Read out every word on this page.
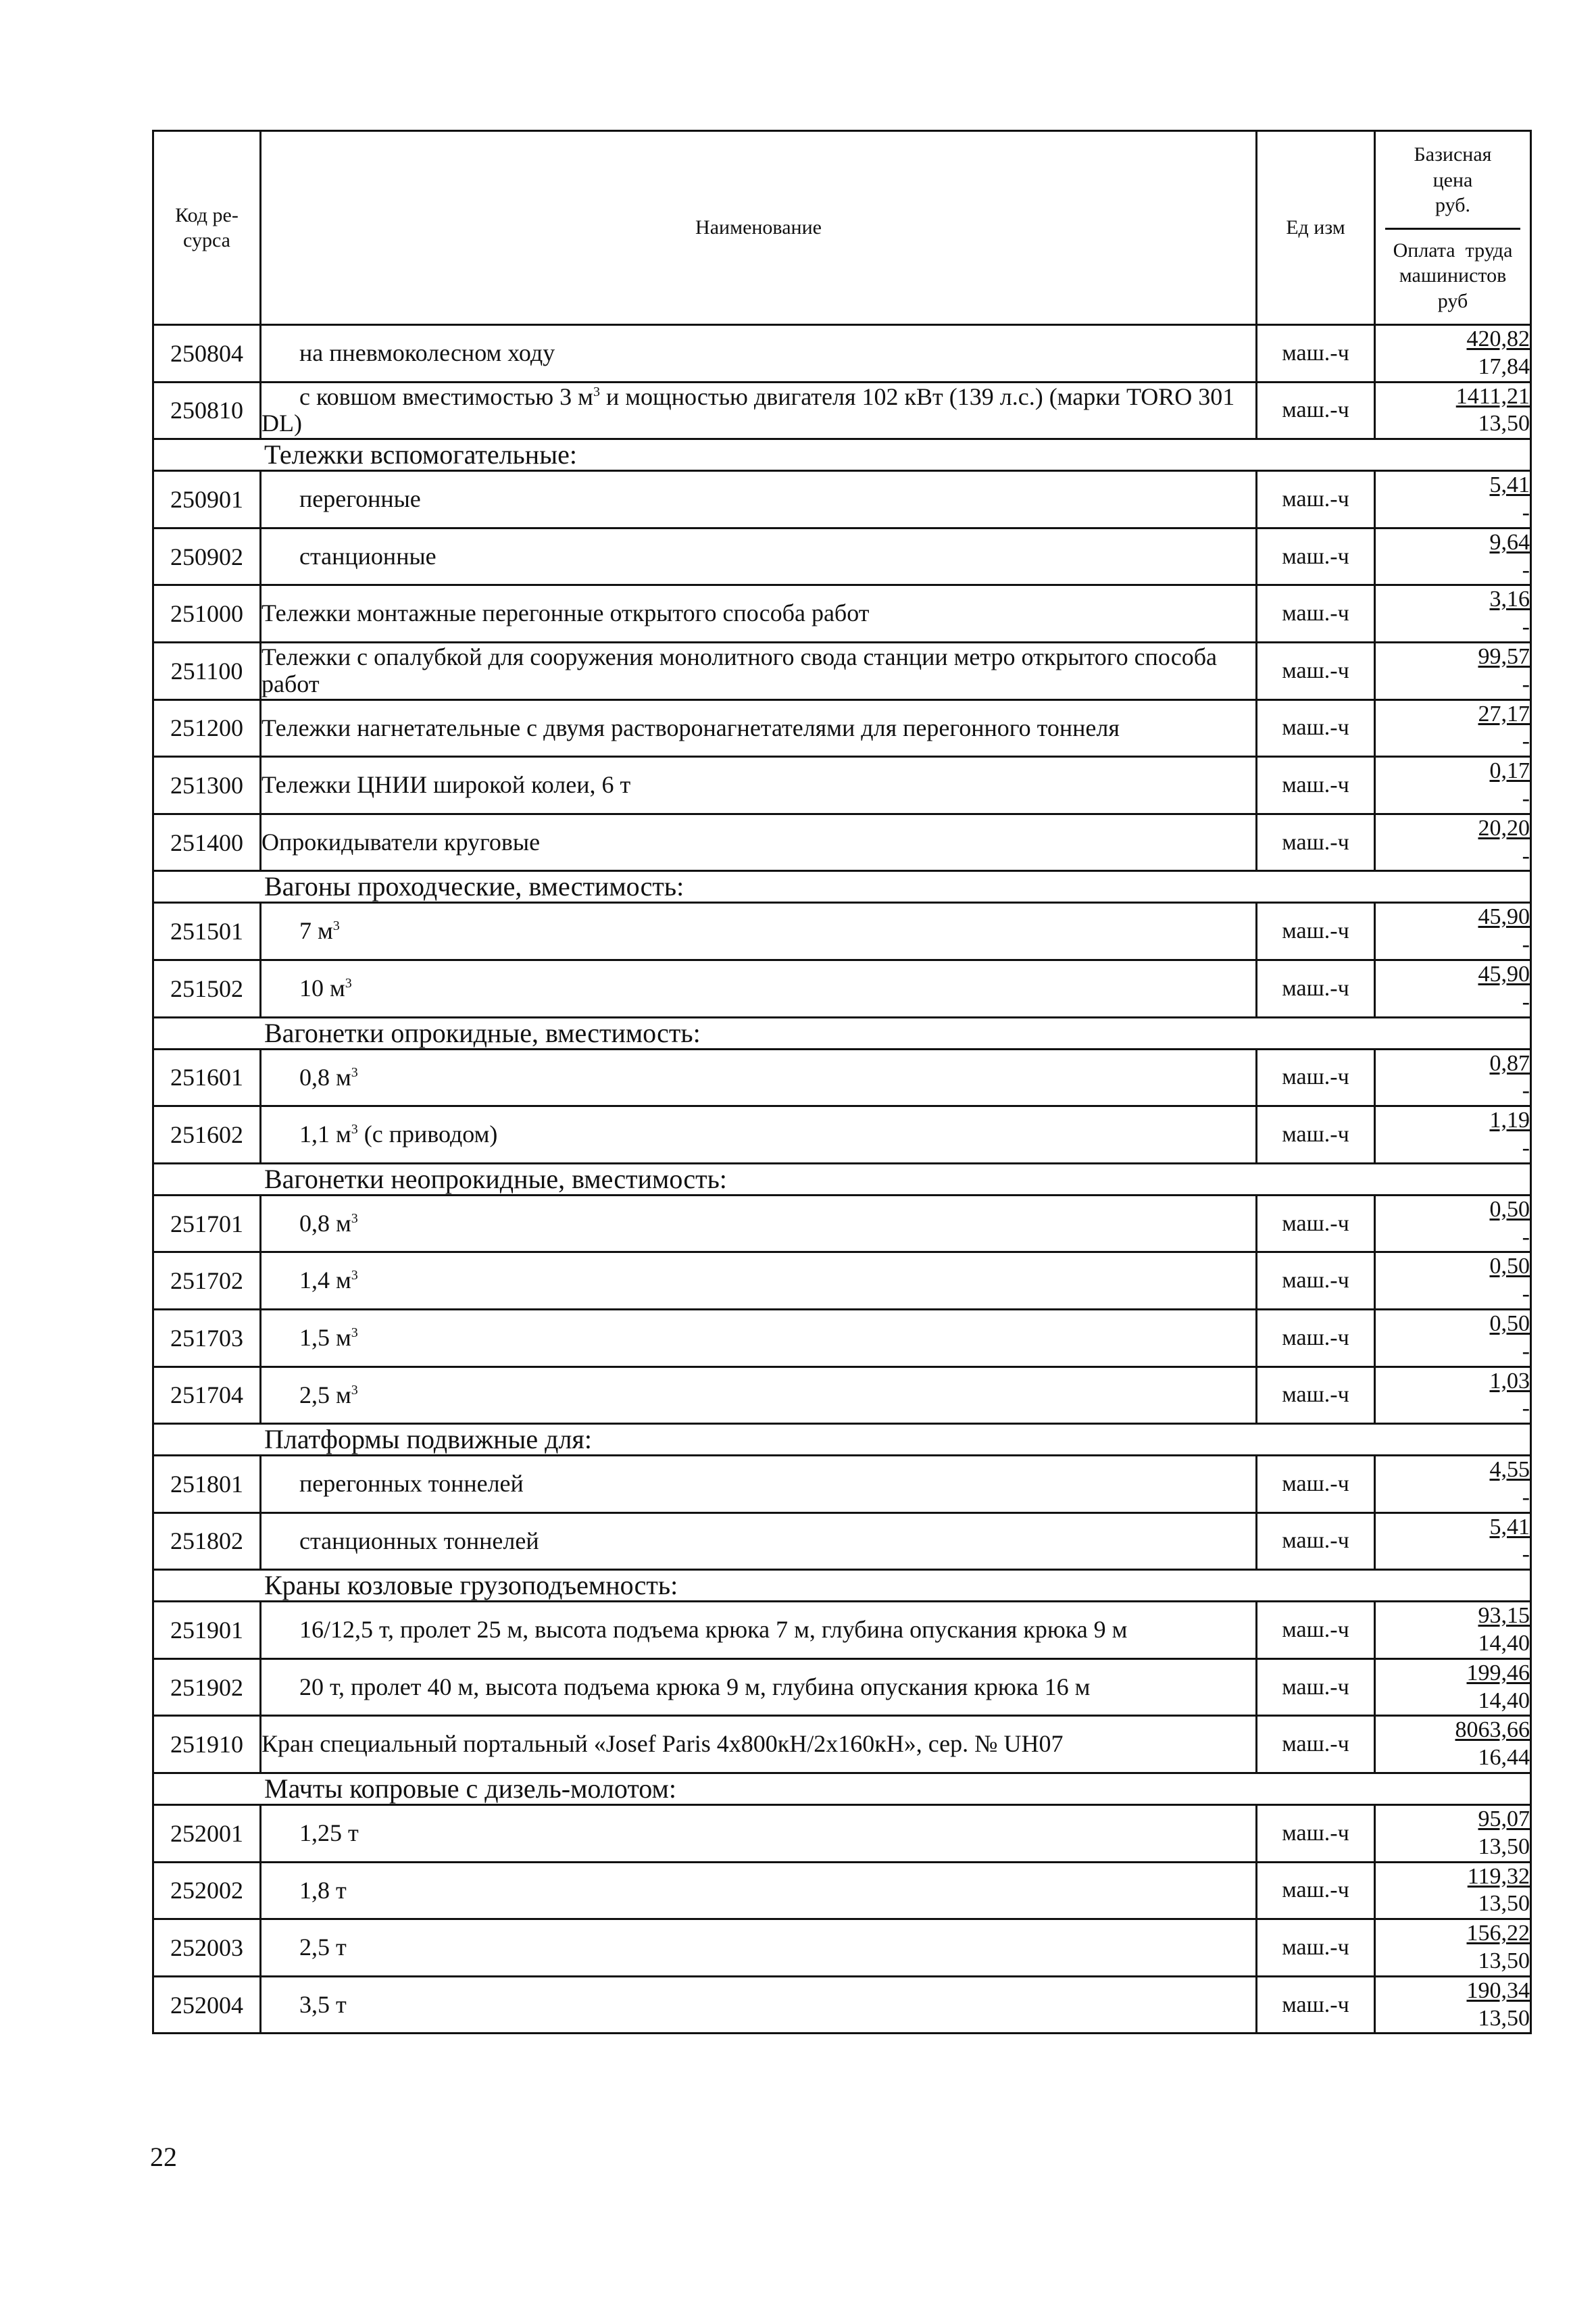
Код ре-
сурса
	Наименование	Ед изм	
Базисная
цена
руб.
Оплата  труда
машинистов
руб

250804	на пневмоколесном ходу	маш.-ч	420,82
17,84

250810	с ковшом вместимостью 3 $м^3$ и мощностью двигателя 102 кВт (139 л.с.) (марки TORO 301 DL)	маш.-ч	1411,21
13,50

Тележки вспомогательные:			
250901	перегонные	маш.-ч	5,41
-

250902	станционные	маш.-ч	9,64
-

251000	Тележки монтажные перегонные открытого способа работ	маш.-ч	3,16
-

251100	Тележки с опалубкой для сооружения монолитного свода станции метро открытого способа работ	маш.-ч	99,57
-

251200	Тележки нагнетательные с двумя растворонагнетателями для перегонного тоннеля	маш.-ч	27,17
-

251300	Тележки ЦНИИ широкой колеи, 6 т	маш.-ч	0,17
-

251400	Опрокидыватели круговые	маш.-ч	20,20
-

Вагоны проходческие, вместимость:			
251501	7 $м^3$	маш.-ч	45,90
-

251502	10 $м^3$	маш.-ч	45,90
-

Вагонетки опрокидные, вместимость:			
251601	0,8 $м^3$	маш.-ч	0,87
-

251602	1,1 $м^3$ (с приводом)	маш.-ч	1,19
-

Вагонетки неопрокидные, вместимость:			
251701	0,8 $м^3$	маш.-ч	0,50
-

251702	1,4 $м^3$	маш.-ч	0,50
-

251703	1,5 $м^3$	маш.-ч	0,50
-

251704	2,5 $м^3$	маш.-ч	1,03
-

Платформы подвижные для:			
251801	перегонных тоннелей	маш.-ч	4,55
-

251802	станционных тоннелей	маш.-ч	5,41
-

Краны козловые грузоподъемность:			
251901	16/12,5 т, пролет 25 м, высота подъема крюка 7 м, глубина опускания крюка 9 м	маш.-ч	93,15
14,40

251902	20 т, пролет 40 м, высота подъема крюка 9 м, глубина опускания крюка 16 м	маш.-ч	199,46
14,40

251910	Кран специальный портальный «Josef Paris 4х800кН/2х160кН», сер. № UH07	маш.-ч	8063,66
16,44

Мачты копровые с дизель-молотом:			
252001	1,25 т	маш.-ч	95,07
13,50

252002	1,8 т	маш.-ч	119,32
13,50

252003	2,5 т	маш.-ч	156,22
13,50

252004	3,5 т	маш.-ч	190,34
13,50
22
